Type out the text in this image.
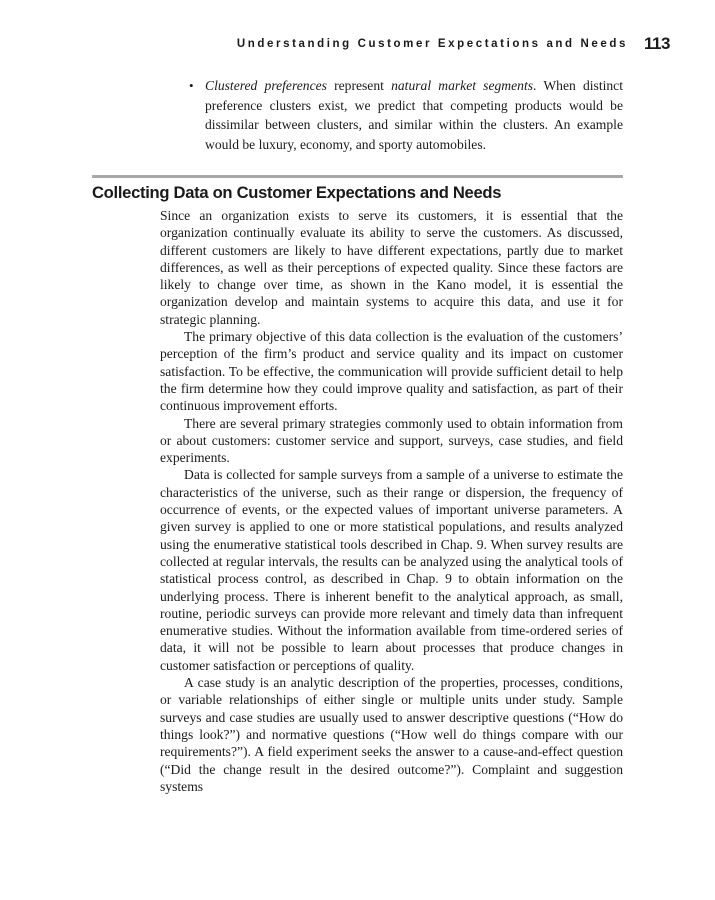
Understanding Customer Expectations and Needs 113
• Clustered preferences represent natural market segments. When distinct preference clusters exist, we predict that competing products would be dissimilar between clusters, and similar within the clusters. An example would be luxury, economy, and sporty automobiles.
Collecting Data on Customer Expectations and Needs

Since an organization exists to serve its customers, it is essential that the organization continually evaluate its ability to serve the customers. As discussed, different customers are likely to have different expectations, partly due to market differences, as well as their perceptions of expected quality. Since these factors are likely to change over time, as shown in the Kano model, it is essential the organization develop and maintain systems to acquire this data, and use it for strategic planning.

The primary objective of this data collection is the evaluation of the customers’ perception of the firm’s product and service quality and its impact on customer satisfaction. To be effective, the communication will provide sufficient detail to help the firm determine how they could improve quality and satisfaction, as part of their continuous improvement efforts.

There are several primary strategies commonly used to obtain information from or about customers: customer service and support, surveys, case studies, and field experiments.

Data is collected for sample surveys from a sample of a universe to estimate the characteristics of the universe, such as their range or dispersion, the frequency of occurrence of events, or the expected values of important universe parameters. A given survey is applied to one or more statistical populations, and results analyzed using the enumerative statistical tools described in Chap. 9. When survey results are collected at regular intervals, the results can be analyzed using the analytical tools of statistical process control, as described in Chap. 9 to obtain information on the underlying process. There is inherent benefit to the analytical approach, as small, routine, periodic surveys can provide more relevant and timely data than infrequent enumerative studies. Without the information available from time-ordered series of data, it will not be possible to learn about processes that produce changes in customer satisfaction or perceptions of quality.

A case study is an analytic description of the properties, processes, conditions, or variable relationships of either single or multiple units under study. Sample surveys and case studies are usually used to answer descriptive questions (“How do things look?”) and normative questions (“How well do things compare with our requirements?”). A field experiment seeks the answer to a cause-and-effect question (“Did the change result in the desired outcome?”). Complaint and suggestion systems
